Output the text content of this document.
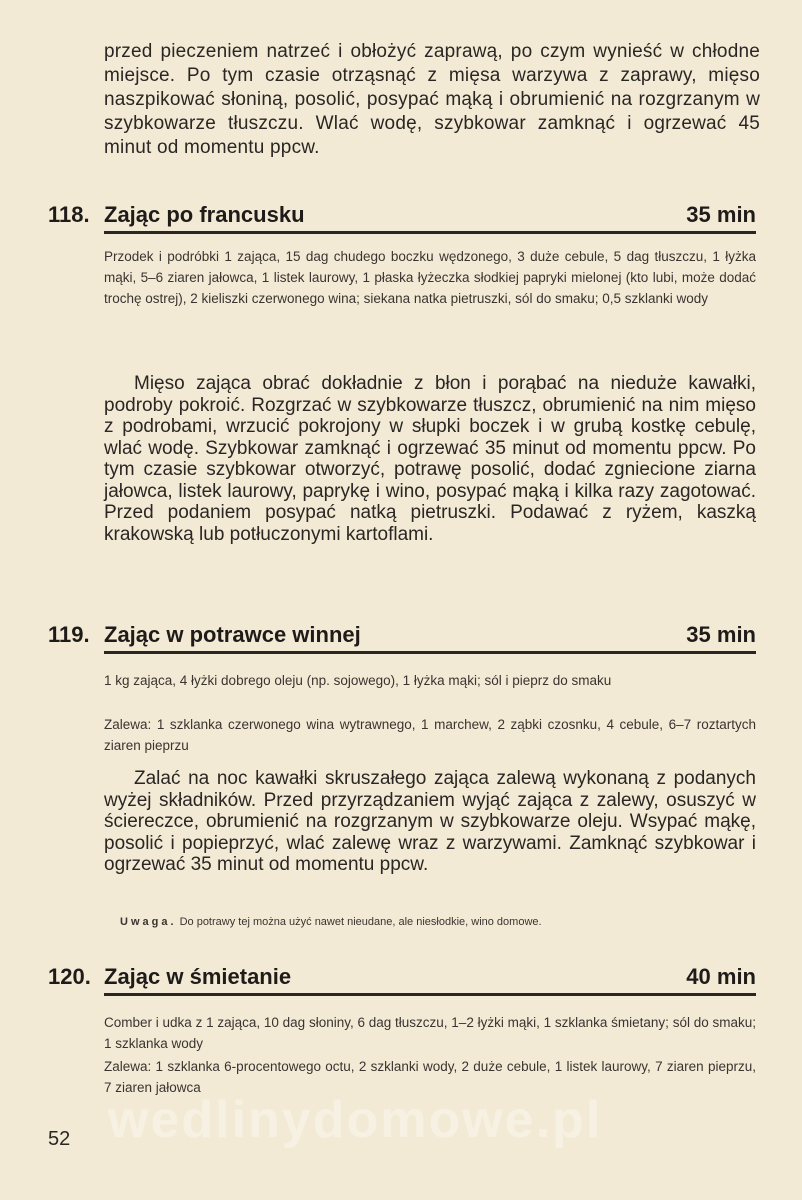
przed pieczeniem natrzeć i obłożyć zaprawą, po czym wynieść w chłodne miejsce. Po tym czasie otrząsnąć z mięsa warzywa z zaprawy, mięso naszpikować słoniną, posolić, posypać mąką i obrumienić na rozgrzanym w szybkowarze tłuszczu. Wlać wodę, szybkowar zamknąć i ogrzewać 45 minut od momentu ppcw.

118. Zając po francusku	35 min

Przodek i podróbki 1 zająca, 15 dag chudego boczku wędzonego, 3 duże cebule, 5 dag tłuszczu, 1 łyżka mąki, 5–6 ziaren jałowca, 1 listek laurowy, 1 płaska łyżeczka słodkiej papryki mielonej (kto lubi, może dodać trochę ostrej), 2 kieliszki czerwonego wina; siekana natka pietruszki, sól do smaku; 0,5 szklanki wody

Mięso zająca obrać dokładnie z błon i porąbać na nieduże kawałki, podroby pokroić. Rozgrzać w szybkowarze tłuszcz, obrumienić na nim mięso z podrobami, wrzucić pokrojony w słupki boczek i w grubą kostkę cebulę, wlać wodę. Szybkowar zamknąć i ogrzewać 35 minut od momentu ppcw. Po tym czasie szybkowar otworzyć, potrawę posolić, dodać zgniecione ziarna jałowca, listek laurowy, paprykę i wino, posypać mąką i kilka razy zagotować. Przed podaniem posypać natką pietruszki. Podawać z ryżem, kaszką krakowską lub potłuczonymi kartoflami.

119. Zając w potrawce winnej	35 min

1 kg zająca, 4 łyżki dobrego oleju (np. sojowego), 1 łyżka mąki; sól i pieprz do smaku

Zalewa: 1 szklanka czerwonego wina wytrawnego, 1 marchew, 2 ząbki czosnku, 4 cebule, 6–7 roztartych ziaren pieprzu

Zalać na noc kawałki skruszałego zająca zalewą wykonaną z podanych wyżej składników. Przed przyrządzaniem wyjąć zająca z zalewy, osuszyć w ściereczce, obrumienić na rozgrzanym w szybkowarze oleju. Wsypać mąkę, posolić i popieprzyć, wlać zalewę wraz z warzywami. Zamknąć szybkowar i ogrzewać 35 minut od momentu ppcw.

Uwaga. Do potrawy tej można użyć nawet nieudane, ale niesłodkie, wino domowe.

120. Zając w śmietanie	40 min

Comber i udka z 1 zająca, 10 dag słoniny, 6 dag tłuszczu, 1–2 łyżki mąki, 1 szklanka śmietany; sól do smaku; 1 szklanka wody

Zalewa: 1 szklanka 6-procentowego octu, 2 szklanki wody, 2 duże cebule, 1 listek laurowy, 7 ziaren pieprzu, 7 ziaren jałowca

wedlinydomowe.pl
52
